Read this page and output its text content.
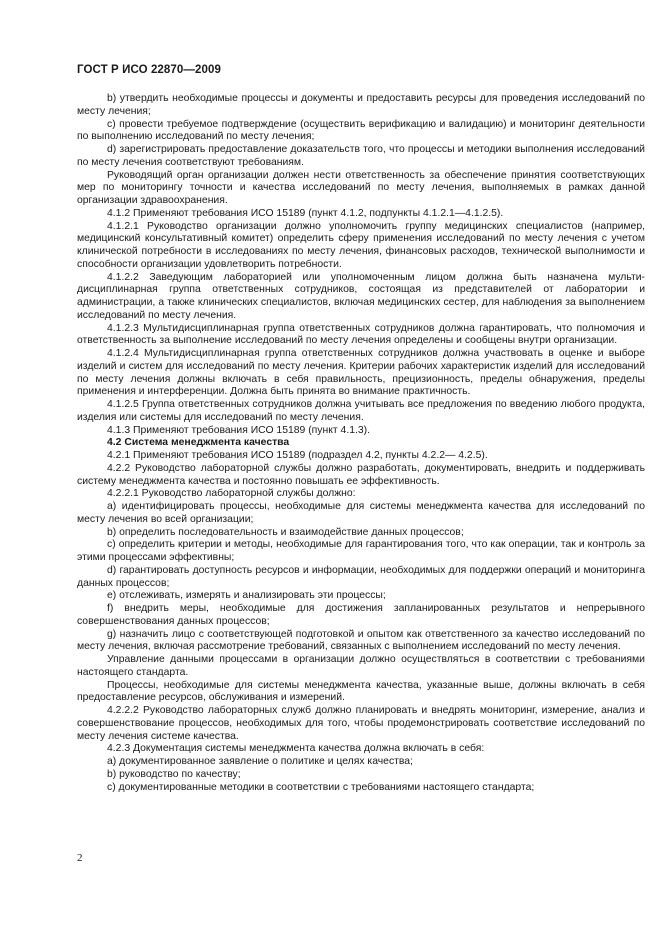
ГОСТ Р ИСО 22870—2009

b) утвердить необходимые процессы и документы и предоставить ресурсы для проведения исследований по месту лечения;

c) провести требуемое подтверждение (осуществить верификацию и валидацию) и мониторинг деятельности по выполнению исследований по месту лечения;

d) зарегистрировать предоставление доказательств того, что процессы и методики выполнения исследований по месту лечения соответствуют требованиям.

Руководящий орган организации должен нести ответственность за обеспечение принятия соответствующих мер по мониторингу точности и качества исследований по месту лечения, выполняемых в рамках данной организации здравоохранения.

4.1.2 Применяют требования ИСО 15189 (пункт 4.1.2, подпункты 4.1.2.1—4.1.2.5).

4.1.2.1 Руководство организации должно уполномочить группу медицинских специалистов (например, медицинский консультативный комитет) определить сферу применения исследований по месту лечения с учетом клинической потребности в исследованиях по месту лечения, финансовых расходов, технической выполнимости и способности организации удовлетворить потребности.

4.1.2.2 Заведующим лабораторией или уполномоченным лицом должна быть назначена мультидисциплинарная группа ответственных сотрудников, состоящая из представителей от лаборатории и администрации, а также клинических специалистов, включая медицинских сестер, для наблюдения за выполнением исследований по месту лечения.

4.1.2.3 Мультидисциплинарная группа ответственных сотрудников должна гарантировать, что полномочия и ответственность за выполнение исследований по месту лечения определены и сообщены внутри организации.

4.1.2.4 Мультидисциплинарная группа ответственных сотрудников должна участвовать в оценке и выборе изделий и систем для исследований по месту лечения. Критерии рабочих характеристик изделий для исследований по месту лечения должны включать в себя правильность, прецизионность, пределы обнаружения, пределы применения и интерференции. Должна быть принята во внимание практичность.

4.1.2.5 Группа ответственных сотрудников должна учитывать все предложения по введению любого продукта, изделия или системы для исследований по месту лечения.

4.1.3 Применяют требования ИСО 15189 (пункт 4.1.3).

4.2 Система менеджмента качества

4.2.1 Применяют требования ИСО 15189 (подраздел 4.2, пункты 4.2.2— 4.2.5).

4.2.2 Руководство лабораторной службы должно разработать, документировать, внедрить и поддерживать систему менеджмента качества и постоянно повышать ее эффективность.

4.2.2.1 Руководство лабораторной службы должно:

a) идентифицировать процессы, необходимые для системы менеджмента качества для исследований по месту лечения во всей организации;

b) определить последовательность и взаимодействие данных процессов;

c) определить критерии и методы, необходимые для гарантирования того, что как операции, так и контроль за этими процессами эффективны;

d) гарантировать доступность ресурсов и информации, необходимых для поддержки операций и мониторинга данных процессов;

e) отслеживать, измерять и анализировать эти процессы;

f) внедрить меры, необходимые для достижения запланированных результатов и непрерывного совершенствования данных процессов;

g) назначить лицо с соответствующей подготовкой и опытом как ответственного за качество исследований по месту лечения, включая рассмотрение требований, связанных с выполнением исследований по месту лечения.

Управление данными процессами в организации должно осуществляться в соответствии с требованиями настоящего стандарта.

Процессы, необходимые для системы менеджмента качества, указанные выше, должны включать в себя предоставление ресурсов, обслуживания и измерений.

4.2.2.2 Руководство лабораторных служб должно планировать и внедрять мониторинг, измерение, анализ и совершенствование процессов, необходимых для того, чтобы продемонстрировать соответствие исследований по месту лечения системе качества.

4.2.3 Документация системы менеджмента качества должна включать в себя:

a) документированное заявление о политике и целях качества;

b) руководство по качеству;

c) документированные методики в соответствии с требованиями настоящего стандарта;

2
